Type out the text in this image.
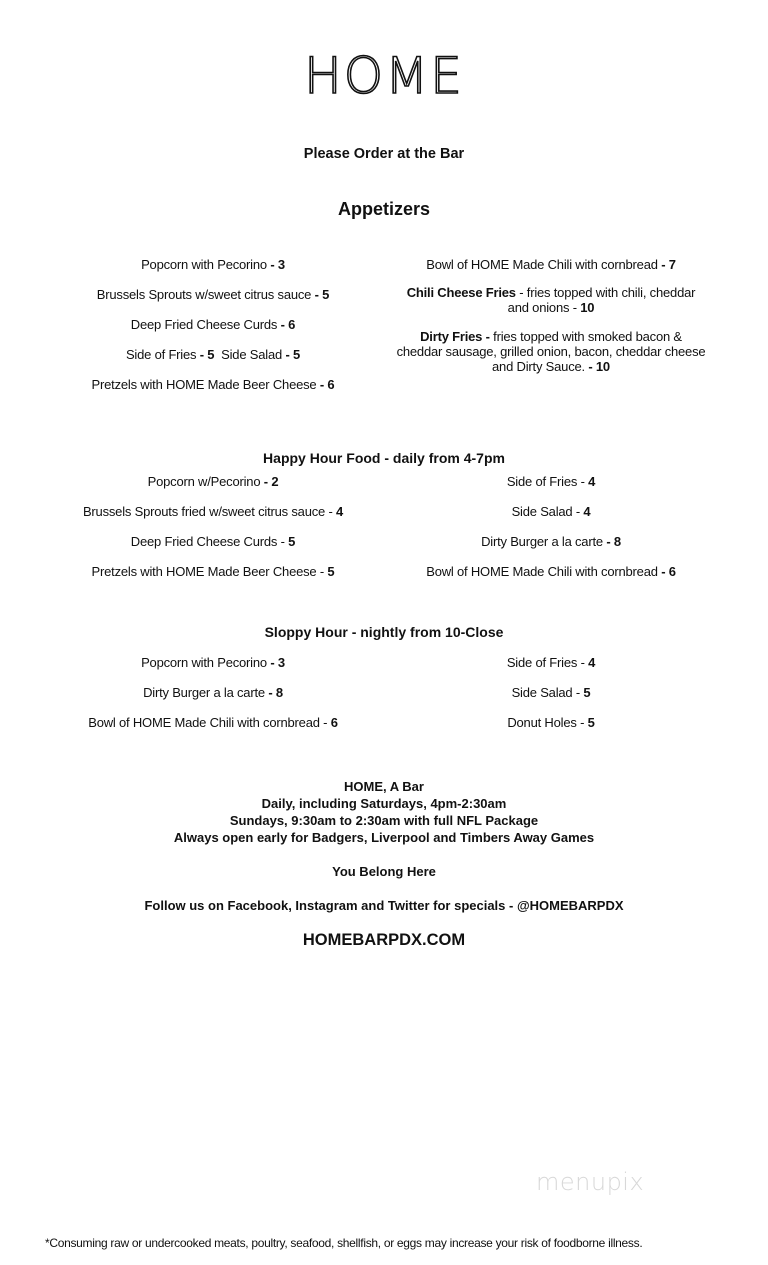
HOME
Please Order at the Bar
Appetizers
Popcorn with Pecorino - 3
Brussels Sprouts w/sweet citrus sauce - 5
Deep Fried Cheese Curds - 6
Side of Fries - 5  Side Salad - 5
Pretzels with HOME Made Beer Cheese - 6
Bowl of HOME Made Chili with cornbread - 7
Chili Cheese Fries - fries topped with chili, cheddar and onions - 10
Dirty Fries - fries topped with smoked bacon & cheddar sausage, grilled onion, bacon, cheddar cheese and Dirty Sauce. - 10
Happy Hour Food - daily from 4-7pm
Popcorn w/Pecorino - 2
Brussels Sprouts fried w/sweet citrus sauce - 4
Deep Fried Cheese Curds - 5
Pretzels with HOME Made Beer Cheese - 5
Side of Fries - 4
Side Salad - 4
Dirty Burger a la carte - 8
Bowl of HOME Made Chili with cornbread - 6
Sloppy Hour - nightly from 10-Close
Popcorn with Pecorino - 3
Dirty Burger a la carte - 8
Bowl of HOME Made Chili with cornbread - 6
Side of Fries - 4
Side Salad - 5
Donut Holes - 5
HOME, A Bar
Daily, including Saturdays, 4pm-2:30am
Sundays, 9:30am to 2:30am with full NFL Package
Always open early for Badgers, Liverpool and Timbers Away Games
You Belong Here
Follow us on Facebook, Instagram and Twitter for specials - @HOMEBARPDX
HOMEBARPDX.COM
menupix
*Consuming raw or undercooked meats, poultry, seafood, shellfish, or eggs may increase your risk of foodborne illness.
